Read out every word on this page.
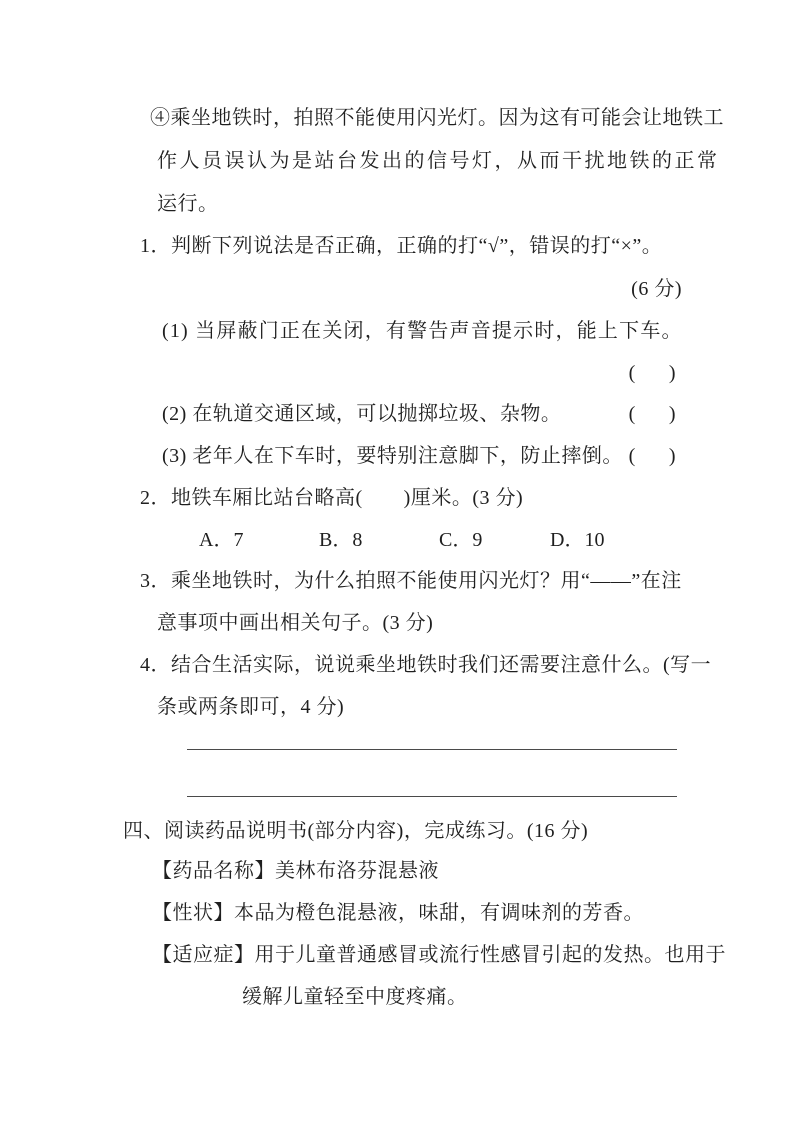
④乘坐地铁时，拍照不能使用闪光灯。因为这有可能会让地铁工
作人员误认为是站台发出的信号灯，从而干扰地铁的正常
运行。
1．判断下列说法是否正确，正确的打“√”，错误的打“×”。
(6 分)
(1) 当屏蔽门正在关闭，有警告声音提示时，能上下车。
(      )
(2) 在轨道交通区域，可以抛掷垃圾、杂物。	(      )
(3) 老年人在下车时，要特别注意脚下，防止摔倒。 (      )
2．地铁车厢比站台略高(　　)厘米。(3 分)
A．7	B．8	C．9	D．10
3．乘坐地铁时，为什么拍照不能使用闪光灯？用“——”在注
意事项中画出相关句子。(3 分)
4．结合生活实际，说说乘坐地铁时我们还需要注意什么。(写一
条或两条即可，4 分)
四、阅读药品说明书(部分内容)，完成练习。(16 分)
【药品名称】美林布洛芬混悬液
【性状】本品为橙色混悬液，味甜，有调味剂的芳香。
【适应症】用于儿童普通感冒或流行性感冒引起的发热。也用于
缓解儿童轻至中度疼痛。
